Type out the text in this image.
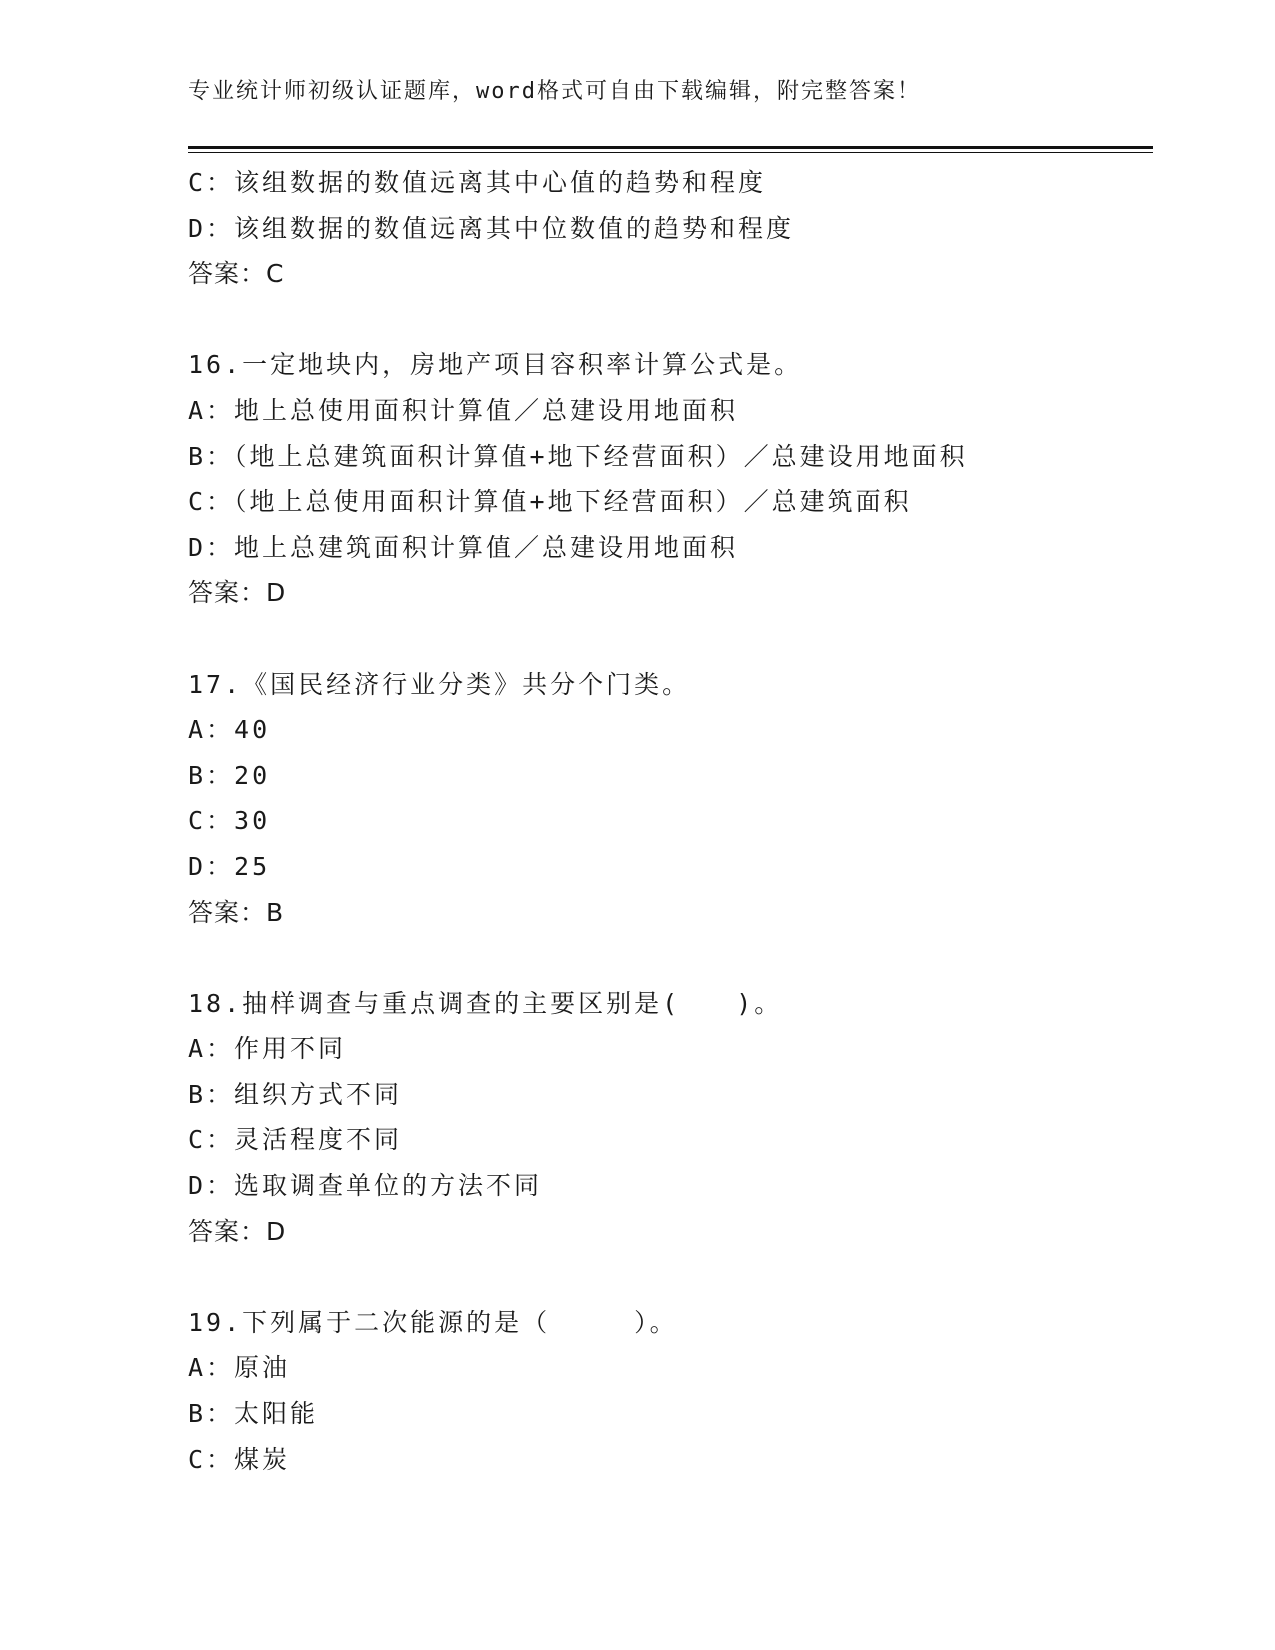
专业统计师初级认证题库，word格式可自由下载编辑，附完整答案！
C：该组数据的数值远离其中心值的趋势和程度
D：该组数据的数值远离其中位数值的趋势和程度
答案：C
16.一定地块内，房地产项目容积率计算公式是。
A：地上总使用面积计算值／总建设用地面积
B：（地上总建筑面积计算值+地下经营面积）／总建设用地面积
C：（地上总使用面积计算值+地下经营面积）／总建筑面积
D：地上总建筑面积计算值／总建设用地面积
答案：D
17.《国民经济行业分类》共分个门类。
A：40
B：20
C：30
D：25
答案：B
18.抽样调查与重点调查的主要区别是(　　)。
A：作用不同
B：组织方式不同
C：灵活程度不同
D：选取调查单位的方法不同
答案：D
19.下列属于二次能源的是（　　　）。
A：原油
B：太阳能
C：煤炭
